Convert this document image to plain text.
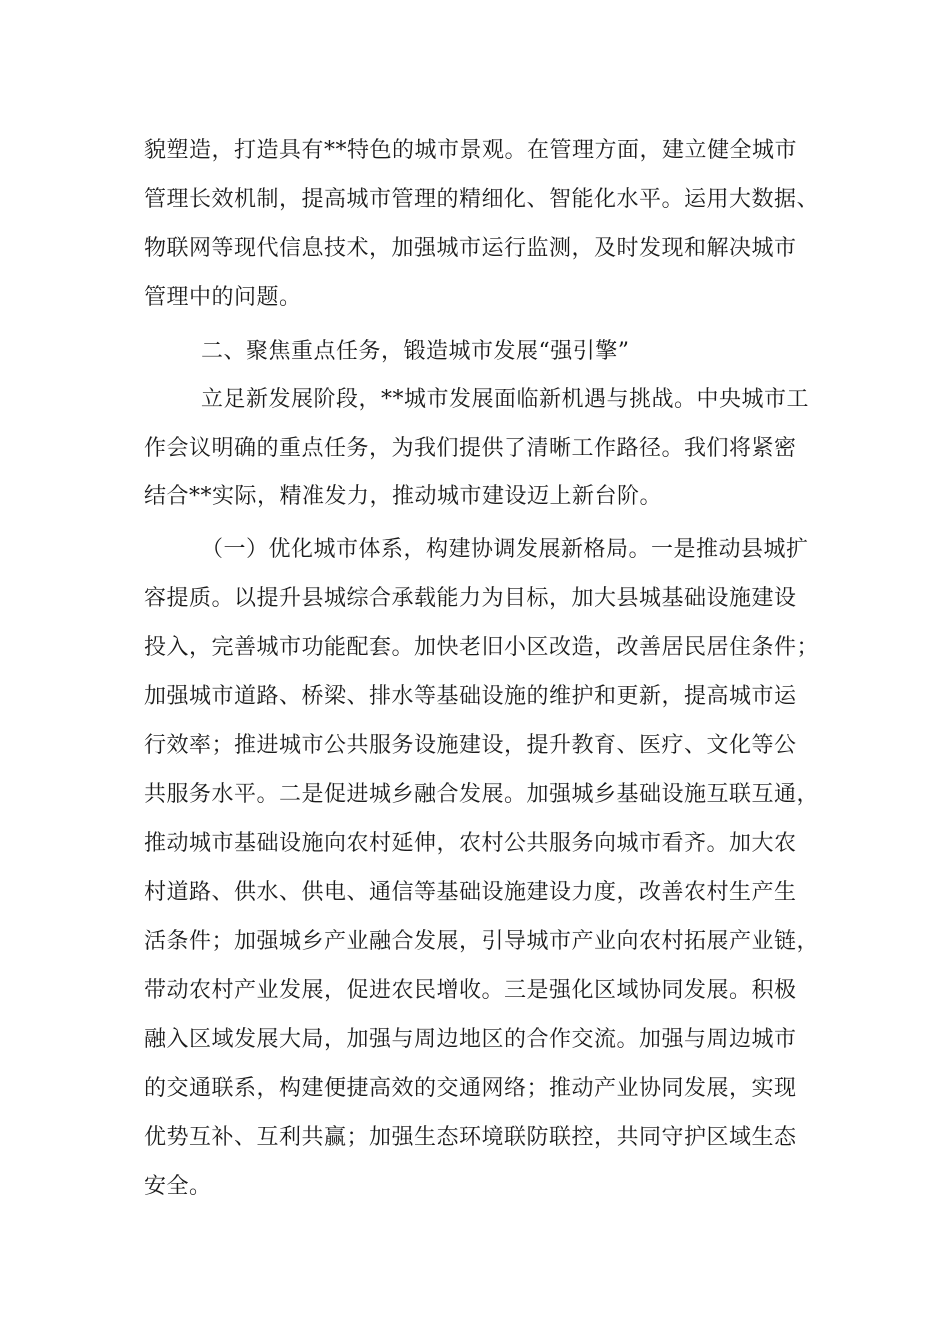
貌塑造，打造具有**特色的城市景观。在管理方面，建立健全城市
管理长效机制，提高城市管理的精细化、智能化水平。运用大数据、
物联网等现代信息技术，加强城市运行监测，及时发现和解决城市
管理中的问题。
二、聚焦重点任务，锻造城市发展“强引擎”
立足新发展阶段，**城市发展面临新机遇与挑战。中央城市工
作会议明确的重点任务，为我们提供了清晰工作路径。我们将紧密
结合**实际，精准发力，推动城市建设迈上新台阶。
（一）优化城市体系，构建协调发展新格局。一是推动县城扩
容提质。以提升县城综合承载能力为目标，加大县城基础设施建设
投入，完善城市功能配套。加快老旧小区改造，改善居民居住条件；
加强城市道路、桥梁、排水等基础设施的维护和更新，提高城市运
行效率；推进城市公共服务设施建设，提升教育、医疗、文化等公
共服务水平。二是促进城乡融合发展。加强城乡基础设施互联互通，
推动城市基础设施向农村延伸，农村公共服务向城市看齐。加大农
村道路、供水、供电、通信等基础设施建设力度，改善农村生产生
活条件；加强城乡产业融合发展，引导城市产业向农村拓展产业链，
带动农村产业发展，促进农民增收。三是强化区域协同发展。积极
融入区域发展大局，加强与周边地区的合作交流。加强与周边城市
的交通联系，构建便捷高效的交通网络；推动产业协同发展，实现
优势互补、互利共赢；加强生态环境联防联控，共同守护区域生态
安全。
